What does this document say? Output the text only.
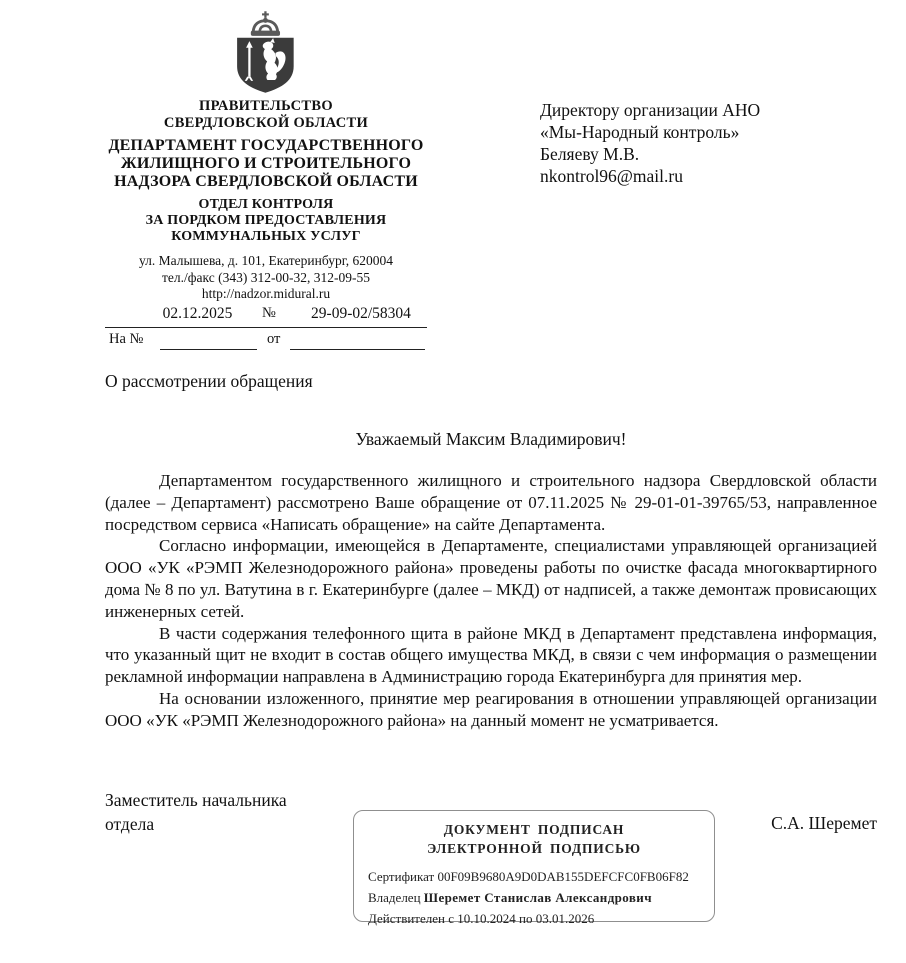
ПРАВИТЕЛЬСТВО
СВЕРДЛОВСКОЙ ОБЛАСТИ
ДЕПАРТАМЕНТ ГОСУДАРСТВЕННОГО
ЖИЛИЩНОГО И СТРОИТЕЛЬНОГО
НАДЗОРА СВЕРДЛОВСКОЙ ОБЛАСТИ
ОТДЕЛ КОНТРОЛЯ
ЗА ПОРДКОМ ПРЕДОСТАВЛЕНИЯ
КОММУНАЛЬНЫХ УСЛУГ
ул. Малышева, д. 101, Екатеринбург, 620004
тел./факс (343) 312-00-32, 312-09-55
http://nadzor.midural.ru
02.12.2025	№	29-09-02/58304
На №	от
Директору организации АНО
«Мы-Народный контроль»
Беляеву М.В.
nkontrol96@mail.ru
О рассмотрении обращения
Уважаемый Максим Владимирович!

Департаментом государственного жилищного и строительного надзора Свердловской области (далее – Департамент) рассмотрено Ваше обращение от 07.11.2025 № 29-01-01-39765/53, направленное посредством сервиса «Написать обращение» на сайте Департамента.

Согласно информации, имеющейся в Департаменте, специалистами управляющей организацией ООО «УК «РЭМП Железнодорожного района» проведены работы по очистке фасада многоквартирного дома № 8 по ул. Ватутина в г. Екатеринбурге (далее – МКД) от надписей, а также демонтаж провисающих инженерных сетей.

В части содержания телефонного щита в районе МКД в Департамент представлена информация, что указанный щит не входит в состав общего имущества МКД, в связи с чем информация о размещении рекламной информации направлена в Администрацию города Екатеринбурга для принятия мер.

На основании изложенного, принятие мер реагирования в отношении управляющей организации ООО «УК «РЭМП Железнодорожного района» на данный момент не усматривается.

Заместитель начальника
отдела	ДОКУМЕНТ ПОДПИСАН
ЭЛЕКТРОННОЙ ПОДПИСЬЮ
Сертификат 00F09B9680A9D0DAB155DEFCFC0FB06F82
Владелец Шеремет Станислав Александрович
Действителен с 10.10.2024 по 03.01.2026
С.А. Шеремет
